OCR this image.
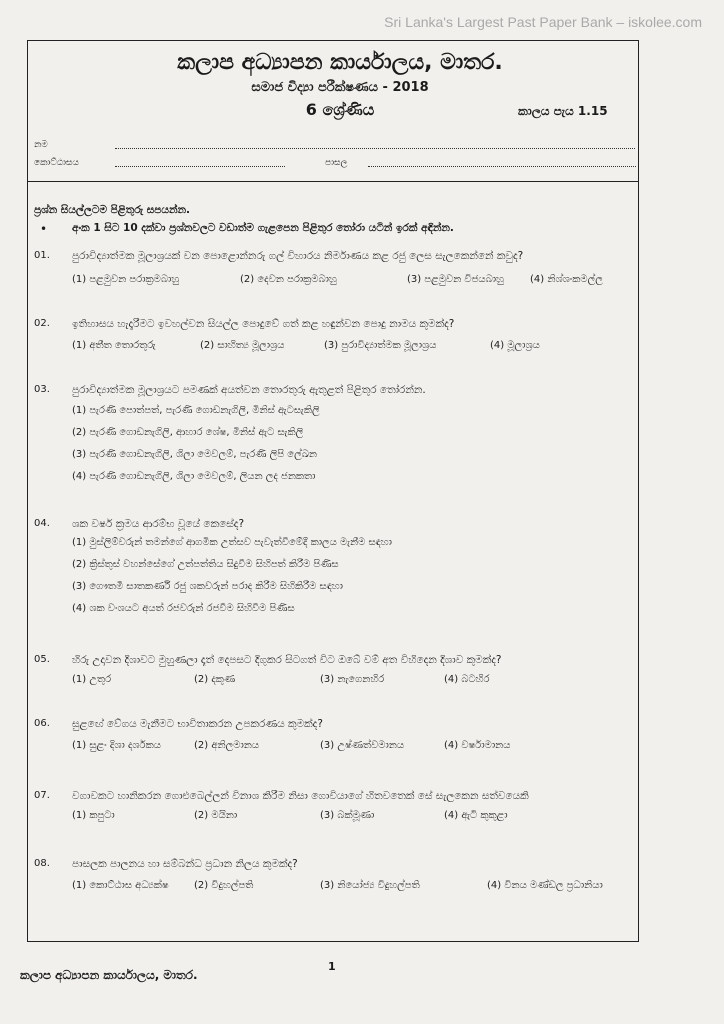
Sri Lanka's Largest Past Paper Bank – iskolee.com
කලාප අධ්‍යාපන කාර්යාලය, මාතර.
සමාජ විද්‍යා පරීක්ෂණය - 2018
6 ශ්‍රේණිය	කාලය පැය 1.15
නම
කොට්ඨාසය	පාසල
ප්‍රශ්න සියල්ලටම පිළිතුරු සපයන්න.
• අංක 1 සිට 10 දක්වා ප්‍රශ්නවලට වඩාත්ම ගැළපෙන පිළිතුර තෝරා යටින් ඉරක් අඳින්න.
01. පුරාවිද්‍යාත්මක මූලාශ්‍රයක් වන පොළොන්නරු ගල් විහාරය නිර්මාණය කළ රජු ලෙස සැලකෙන්නේ කවුද?
(1) පළමුවන පරාක්‍රමබාහු	(2) දෙවන පරාක්‍රමබාහු	(3) පළමුවන විජයබාහු	(4) නිශ්ශංකමල්ල
02. ඉතිහාසය හැදෑරීමට ඉවහල්වන සියල්ල පොදුවේ ගත් කළ හඳුන්වන පොදු නාමය කුමක්ද?
(1) අතීත තොරතුරු	(2) සාහිත්‍ය මූලාශ්‍රය	(3) පුරාවිද්‍යාත්මක මූලාශ්‍රය	(4) මූලාශ්‍රය
03. පුරාවිද්‍යාත්මක මූලාශ්‍රයට පමණක් අයත්වන තොරතුරු ඇතුළත් පිළිතුර තෝරන්න.
(1) පැරණි පොත්පත්, පැරණි ගොඩනැගිලි, මිනිස් ඇටසැකිලි
(2) පැරණි ගොඩනැගිලි, ආහාර ශේෂ, මිනිස් ඇට සැකිලි
(3) පැරණි ගොඩනැගිලි, ශිලා මෙවලම්, පැරණි ලිපි ලේඛන
(4) පැරණි ගොඩනැගිලි, ශිලා මෙවලම්, ලියන ලද ජනකතා
04. ශක වර්ෂ ක්‍රමය ආරම්භ වූයේ කෙසේද?
(1) මුස්ලිම්වරුන් තමන්ගේ ආගමික උත්සව පැවැත්වීමේදී කාලය මැනීම සඳහා
(2) ක්‍රිස්තුස් වහන්සේගේ උත්පත්තිය සිදුවීම සිහිපත් කිරීම පිණිස
(3) ගෞතමී සාතකර්ණි රජු ශකවරුන් පරාද කිරීම සිහිකිරීම සඳහා
(4) ශක වංශයට අයත් රජවරුන් රජවීම සිහිවීම පිණිස
05. හිරු උදාවන දිශාවට මුහුණලා දෑත් දෙපසට දිගුකර සිටගත් විට ඔබේ වම් අත විහිදෙන දිශාව කුමක්ද?
(1) උතුර	(2) දකුණ	(3) නැගෙනහිර	(4) බටහිර
06. සුළඟේ වේගය මැනීමට භාවිතාකරන උපකරණය කුමක්ද?
(1) සුළං දිශා දර්ශකය	(2) අනිලමානය	(3) උෂ්ණත්වමානය	(4) වර්ෂාමානය
07. වගාවකට හානිකරන ගොළුබෙල්ලන් විනාශ කිරීම නිසා ගොවියාගේ හිතවතෙක් සේ සැලකෙන සත්වයෙකි
(1) කපුටා	(2) මයිනා	(3) බක්මූණා	(4) ඇටි කුකුළා
08. පාසලක පාලනය හා සම්බන්ධ ප්‍රධාන නිලය කුමක්ද?
(1) කොට්ඨාස අධ්‍යක්ෂ	(2) විදුහල්පති	(3) නියෝජ්‍ය විදුහල්පති	(4) විනය මණ්ඩල ප්‍රධානියා
1
කලාප අධ්‍යාපන කාර්යාලය, මාතර.
